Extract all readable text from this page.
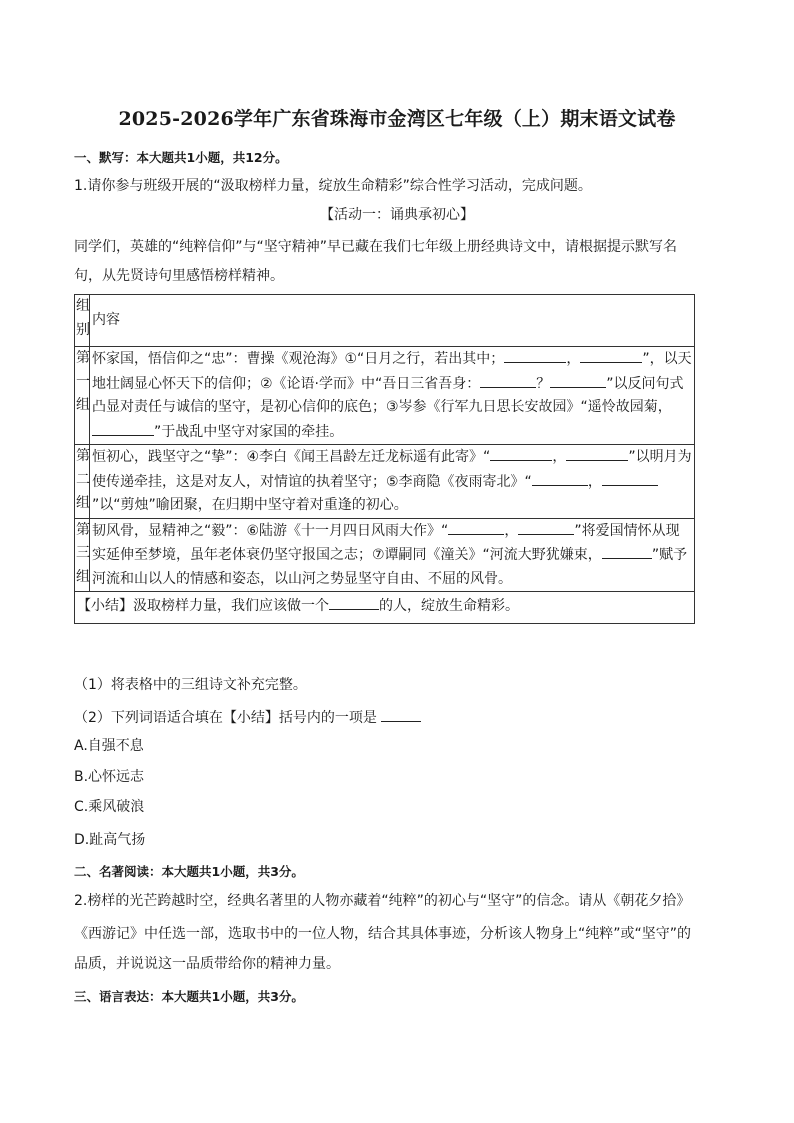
2025-2026学年广东省珠海市金湾区七年级（上）期末语文试卷
一、默写：本大题共1小题，共12分。
1.请你参与班级开展的“汲取榜样力量，绽放生命精彩”综合性学习活动，完成问题。
【活动一：诵典承初心】
同学们，英雄的“纯粹信仰”与“坚守精神”早已藏在我们七年级上册经典诗文中，请根据提示默写名
句，从先贤诗句里感悟榜样精神。
组别	内容
第一组	怀家国，悟信仰之“忠”：曹操《观沧海》①“日月之行，若出其中； ， ”，以天地壮阔显心怀天下的信仰；②《论语·学而》中“吾日三省吾身： ？ ”以反问句式凸显对责任与诚信的坚守，是初心信仰的底色；③岑参《行军九日思长安故园》“遥怜故园菊，”于战乱中坚守对家国的牵挂。
第二组	恒初心，践坚守之“挚”：④李白《闻王昌龄左迁龙标遥有此寄》“ ， ”以明月为使传递牵挂，这是对友人，对情谊的执着坚守；⑤李商隐《夜雨寄北》“ ，”以“剪烛”喻团聚，在归期中坚守着对重逢的初心。
第三组	韧风骨，显精神之“毅”：⑥陆游《十一月四日风雨大作》“ ， ”将爱国情怀从现实延伸至梦境，虽年老体衰仍坚守报国之志；⑦谭嗣同《潼关》“河流大野犹嫌束， ”赋予河流和山以人的情感和姿态，以山河之势显坚守自由、不屈的风骨。
【小结】汲取榜样力量，我们应该做一个 的人，绽放生命精彩。	
（1）将表格中的三组诗文补充完整。
（2）下列词语适合填在【小结】括号内的一项是
A.自强不息
B.心怀远志
C.乘风破浪
D.趾高气扬
二、名著阅读：本大题共1小题，共3分。
2.榜样的光芒跨越时空，经典名著里的人物亦藏着“纯粹”的初心与“坚守”的信念。请从《朝花夕拾》
《西游记》中任选一部，选取书中的一位人物，结合其具体事迹，分析该人物身上“纯粹”或“坚守”的
品质，并说说这一品质带给你的精神力量。
三、语言表达：本大题共1小题，共3分。
